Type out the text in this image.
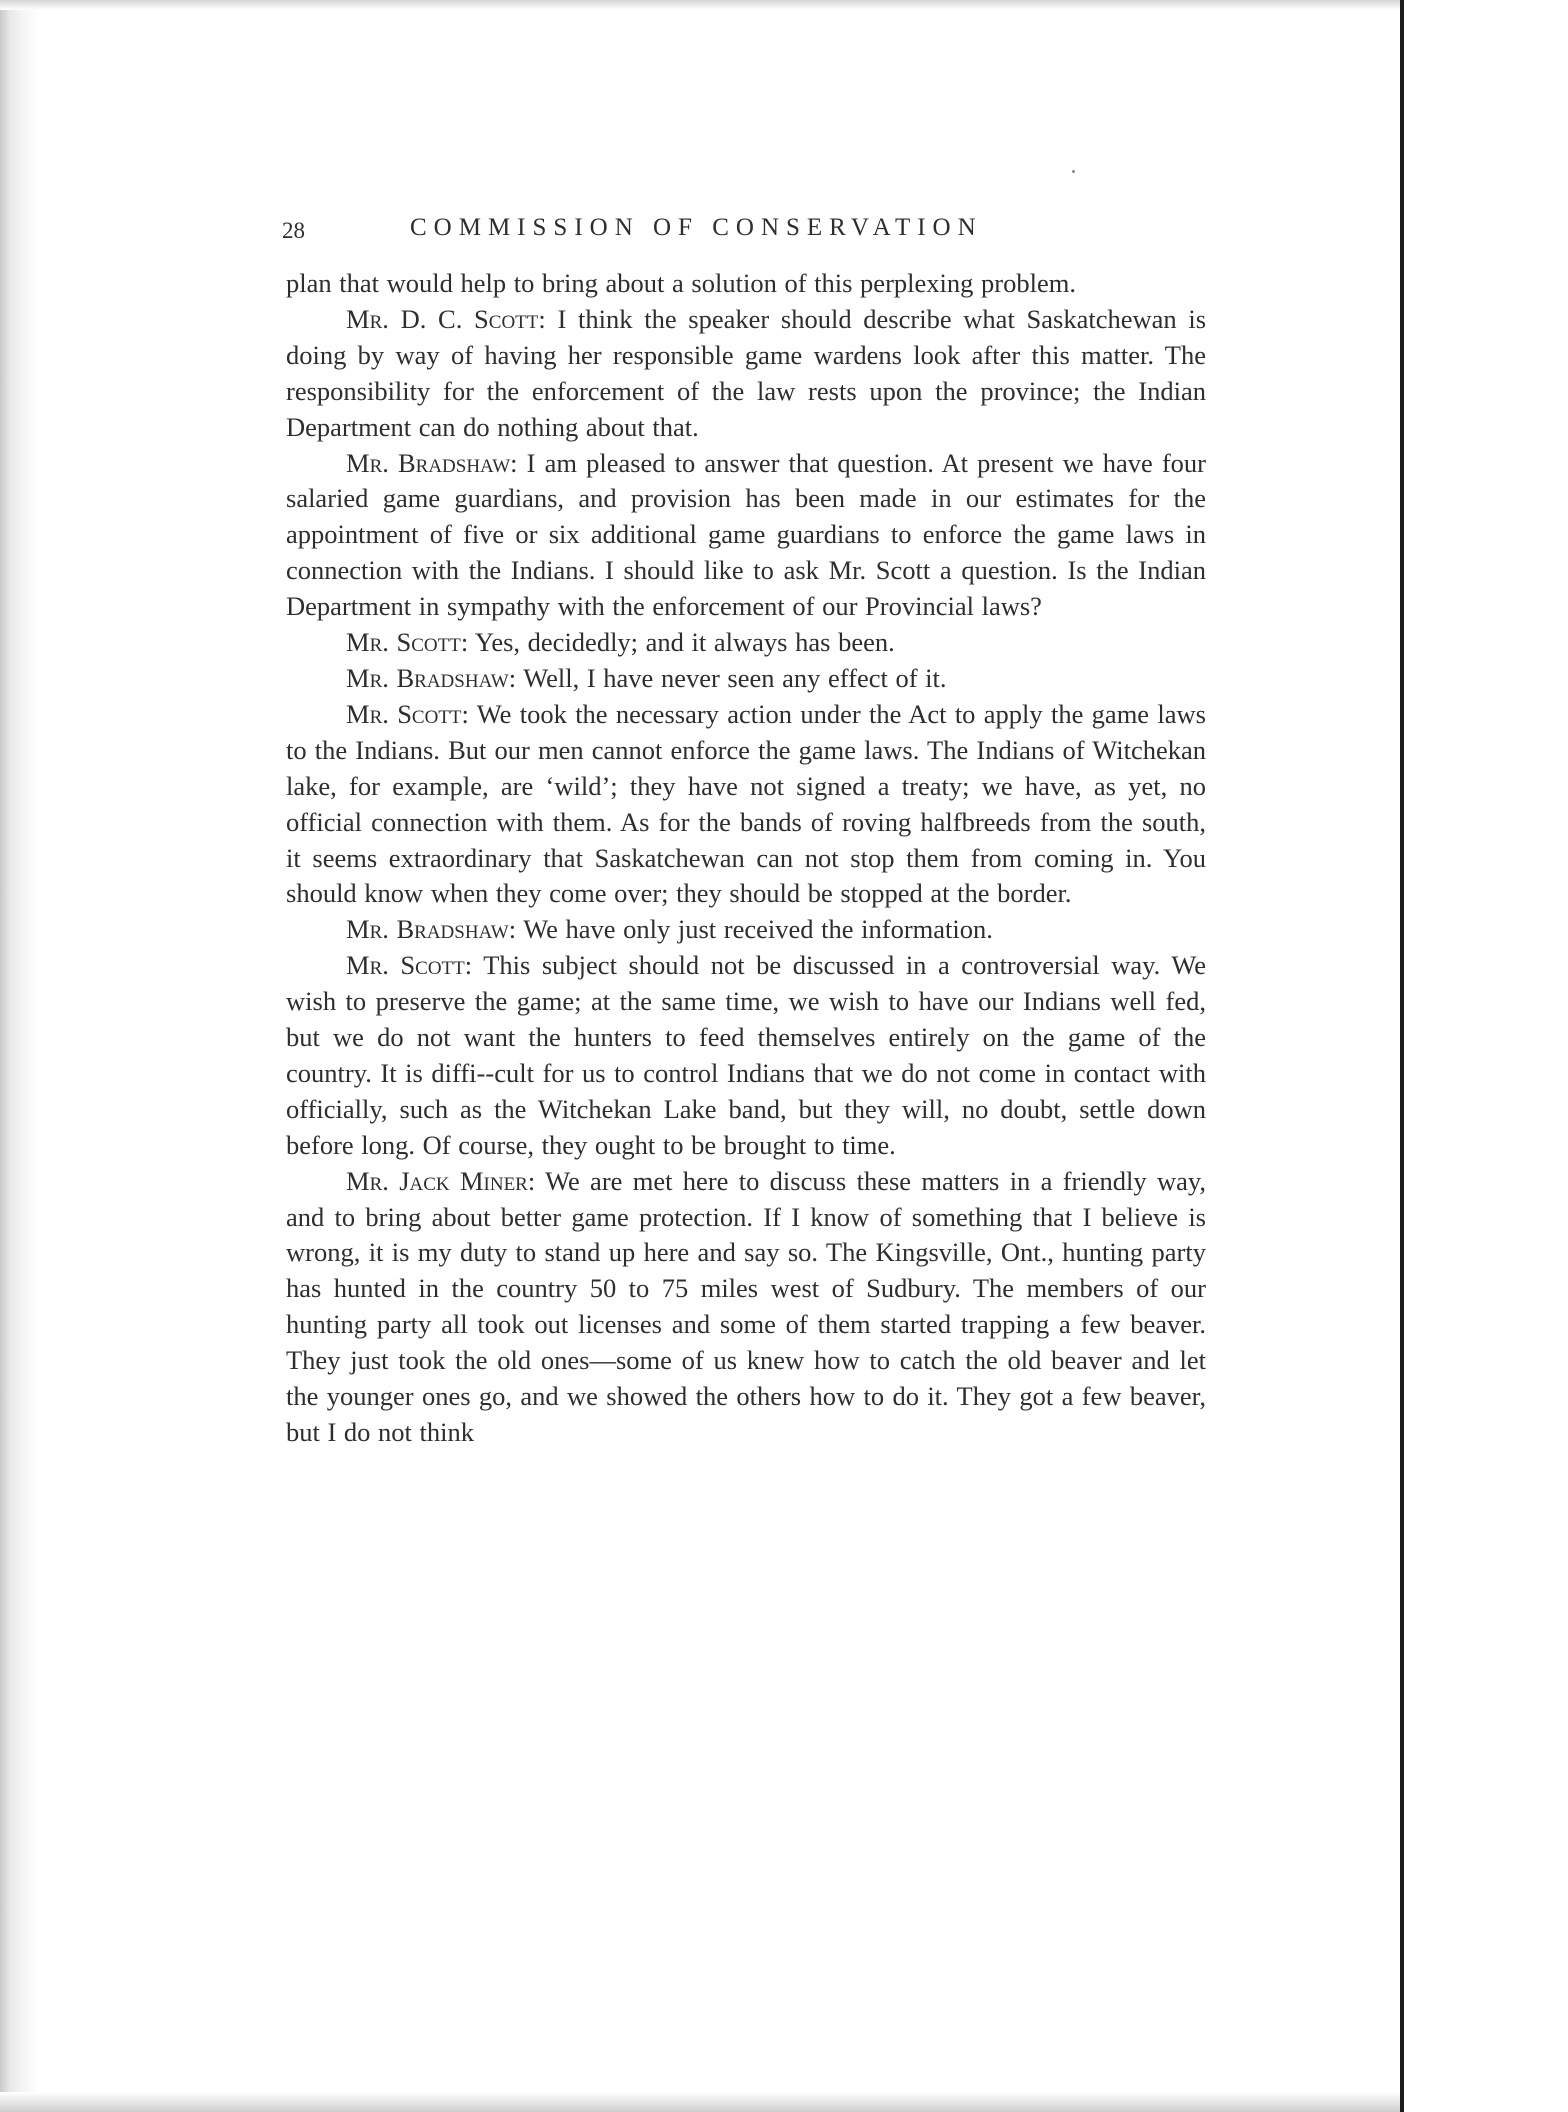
28	COMMISSION OF CONSERVATION

plan that would help to bring about a solution of this perplexing problem.

Mr. D. C. Scott: I think the speaker should describe what Saskatchewan is doing by way of having her responsible game wardens look after this matter. The responsibility for the enforcement of the law rests upon the province; the Indian Department can do nothing about that.

Mr. Bradshaw: I am pleased to answer that question. At present we have four salaried game guardians, and provision has been made in our estimates for the appointment of five or six additional game guardians to enforce the game laws in connection with the Indians. I should like to ask Mr. Scott a question. Is the Indian Department in sympathy with the enforcement of our Provincial laws?

Mr. Scott: Yes, decidedly; and it always has been.

Mr. Bradshaw: Well, I have never seen any effect of it.

Mr. Scott: We took the necessary action under the Act to apply the game laws to the Indians. But our men cannot enforce the game laws. The Indians of Witchekan lake, for example, are ‘wild’; they have not signed a treaty; we have, as yet, no official connection with them. As for the bands of roving halfbreeds from the south, it seems extraordinary that Saskatchewan can not stop them from coming in. You should know when they come over; they should be stopped at the border.

Mr. Bradshaw: We have only just received the information.

Mr. Scott: This subject should not be discussed in a controversial way. We wish to preserve the game; at the same time, we wish to have our Indians well fed, but we do not want the hunters to feed themselves entirely on the game of the country. It is diffi--cult for us to control Indians that we do not come in contact with officially, such as the Witchekan Lake band, but they will, no doubt, settle down before long. Of course, they ought to be brought to time.

Mr. Jack Miner: We are met here to discuss these matters in a friendly way, and to bring about better game protection. If I know of something that I believe is wrong, it is my duty to stand up here and say so. The Kingsville, Ont., hunting party has hunted in the country 50 to 75 miles west of Sudbury. The members of our hunting party all took out licenses and some of them started trapping a few beaver. They just took the old ones—some of us knew how to catch the old beaver and let the younger ones go, and we showed the others how to do it. They got a few beaver, but I do not think
